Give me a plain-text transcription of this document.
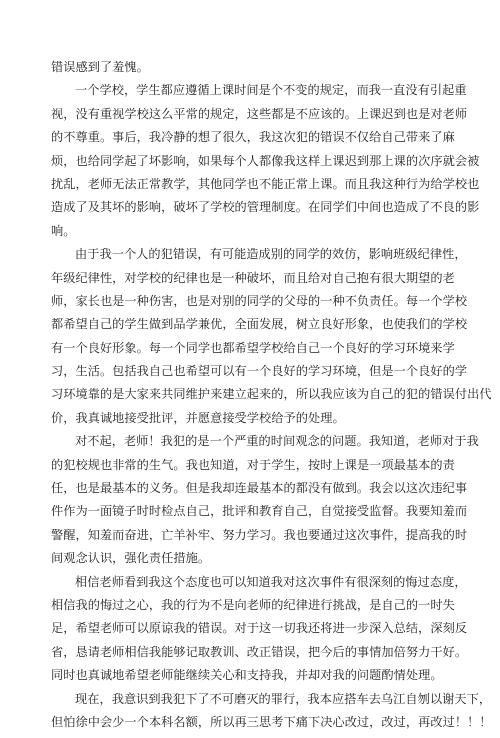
错误感到了羞愧。
一个学校，学生都应遵循上课时间是个不变的规定，而我一直没有引起重
视，没有重视学校这么平常的规定，这些都是不应该的。上课迟到也是对老师
的不尊重。事后，我冷静的想了很久，我这次犯的错误不仅给自己带来了麻
烦，也给同学起了坏影响，如果每个人都像我这样上课迟到那上课的次序就会被
扰乱，老师无法正常教学，其他同学也不能正常上课。而且我这种行为给学校也
造成了及其坏的影响，破坏了学校的管理制度。在同学们中间也造成了不良的影
响。
由于我一个人的犯错误，有可能造成别的同学的效仿，影响班级纪律性，
年级纪律性，对学校的纪律也是一种破坏，而且给对自己抱有很大期望的老
师，家长也是一种伤害，也是对别的同学的父母的一种不负责任。每一个学校
都希望自己的学生做到品学兼优，全面发展，树立良好形象，也使我们的学校
有一个良好形象。每一个同学也都希望学校给自己一个良好的学习环境来学
习，生活。包括我自己也希望可以有一个良好的学习环境，但是一个良好的学
习环境靠的是大家来共同维护来建立起来的，所以我应该为自己的犯的错误付出代
价，我真诚地接受批评，并愿意接受学校给予的处理。
对不起，老师！我犯的是一个严重的时间观念的问题。我知道，老师对于我
的犯校规也非常的生气。我也知道，对于学生，按时上课是一项最基本的责
任，也是最基本的义务。但是我却连最基本的都没有做到。我会以这次违纪事
件作为一面镜子时时检点自己，批评和教育自己，自觉接受监督。我要知羞而
警醒，知羞而奋进，亡羊补牢、努力学习。我也要通过这次事件，提高我的时
间观念认识，强化责任措施。
相信老师看到我这个态度也可以知道我对这次事件有很深刻的悔过态度，
相信我的悔过之心，我的行为不是向老师的纪律进行挑战，是自己的一时失
足，希望老师可以原谅我的错误。对于这一切我还将进一步深入总结，深刻反
省，恳请老师相信我能够记取教训、改正错误，把今后的事情加倍努力干好。
同时也真诚地希望老师能继续关心和支持我，并却对我的问题酌情处理。
现在，我意识到我犯下了不可磨灭的罪行，我本应搭车去乌江自刎以谢天下，
但怕徐中会少一个本科名额，所以再三思考下痛下决心改过，改过，再改过！！！
